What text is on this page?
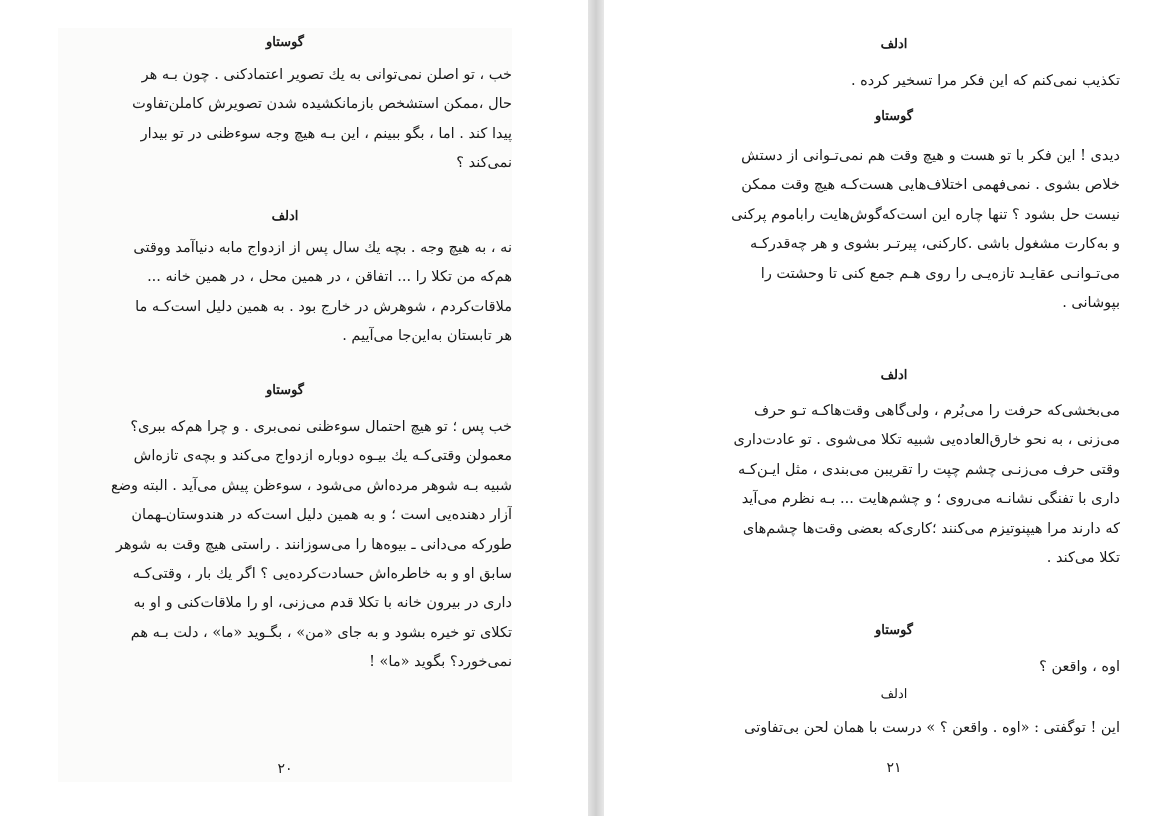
گوستاو
خب ، تو اصلن نمی‌توانی به یك تصویر اعتمادکنی . چون بـه هر
حال ،ممکن استشخص بازمانکشیده شدن تصویرش کاملن‌تفاوت
پیدا کند . اما ، بگو ببینم ، این بـه هیچ وجه سوءظنی در تو بیدار
نمی‌کند ؟
ادلف
نه ، به هیچ وجه . بچه یك سال پس از ازدواج ما‌به دنیاآمد ووقتی
هم‌که من تکلا را ... اتفاقن ، در همین محل ، در همین خانه ...
ملاقات‌کردم ، شوهرش در خارج بود . به همین دلیل است‌کـه ما
هر تابستان به‌این‌جا می‌آییم .
گوستاو
خب پس ؛ تو هیچ احتمال سوءظنی نمی‌بری . و چرا هم‌که ببری؟
معمولن وقتی‌کـه یك بیـوه دوباره ازدواج می‌کند و بچه‌ی تازه‌اش
شبیه بـه شوهر مرده‌اش می‌شود ، سوءظن پیش می‌آید . البته وضع
آزار دهنده‌یی است ؛ و به همین دلیل است‌که در هندوستان‌ـهمان
طورکه می‌دانی ـ بیوه‌ها را می‌سوزانند . راستی هیچ وقت به شوهر
سابق او و به خاطره‌اش حسادت‌کرده‌یی ؟ اگر یك بار ، وقتی‌کـه
داری در بیرون خانه با تکلا قدم می‌زنی، او را ملاقات‌کنی و او به
تکلای تو خیره بشود و به جای «من» ، بگـوید «ما» ، دلت بـه هم
نمی‌خورد؟ بگوید «ما» !
۲۰
ادلف
تکذیب نمی‌کنم که این فکر مرا تسخیر کرده .
گوستاو
دیدی ! این فکر با تو هست و هیچ وقت هم نمی‌تـوانی از دستش
خلاص بشوی . نمی‌فهمی اختلاف‌هایی هست‌کـه هیچ وقت ممکن
نیست حل بشود ؟ تنها چاره این است‌که‌گوش‌هایت راباموم پرکنی
و به‌کارت مشغول باشی .کارکنی، پیرتـر بشوی و هر چه‌قدرکـه
می‌تـوانـی عقایـد تازه‌یـی را روی هـم جمع کنی تا وحشتت را
بپوشانی .
ادلف
می‌بخشی‌که حرفت را می‌بُرم ، ولی‌گاهی وقت‌هاکـه تـو حرف
می‌زنی ، به نحو خارق‌العاده‌یی شبیه تکلا می‌شوی . تو عادت‌داری
وقتی حرف می‌زنـی چشم چپت را تقریبن می‌بندی ، مثل ایـن‌کـه
داری با تفنگی نشانـه می‌روی ؛ و چشم‌هایت ... بـه نظرم می‌آید
که دارند مرا هیپنوتیزم می‌کنند ؛کاری‌که بعضی وقت‌ها چشم‌های
تکلا می‌کند .
گوستاو
اوه ، واقعن ؟
ادلف
این ! توگفتی : «اوه . واقعن ؟ » درست با همان لحن بی‌تفاوتی
۲۱
